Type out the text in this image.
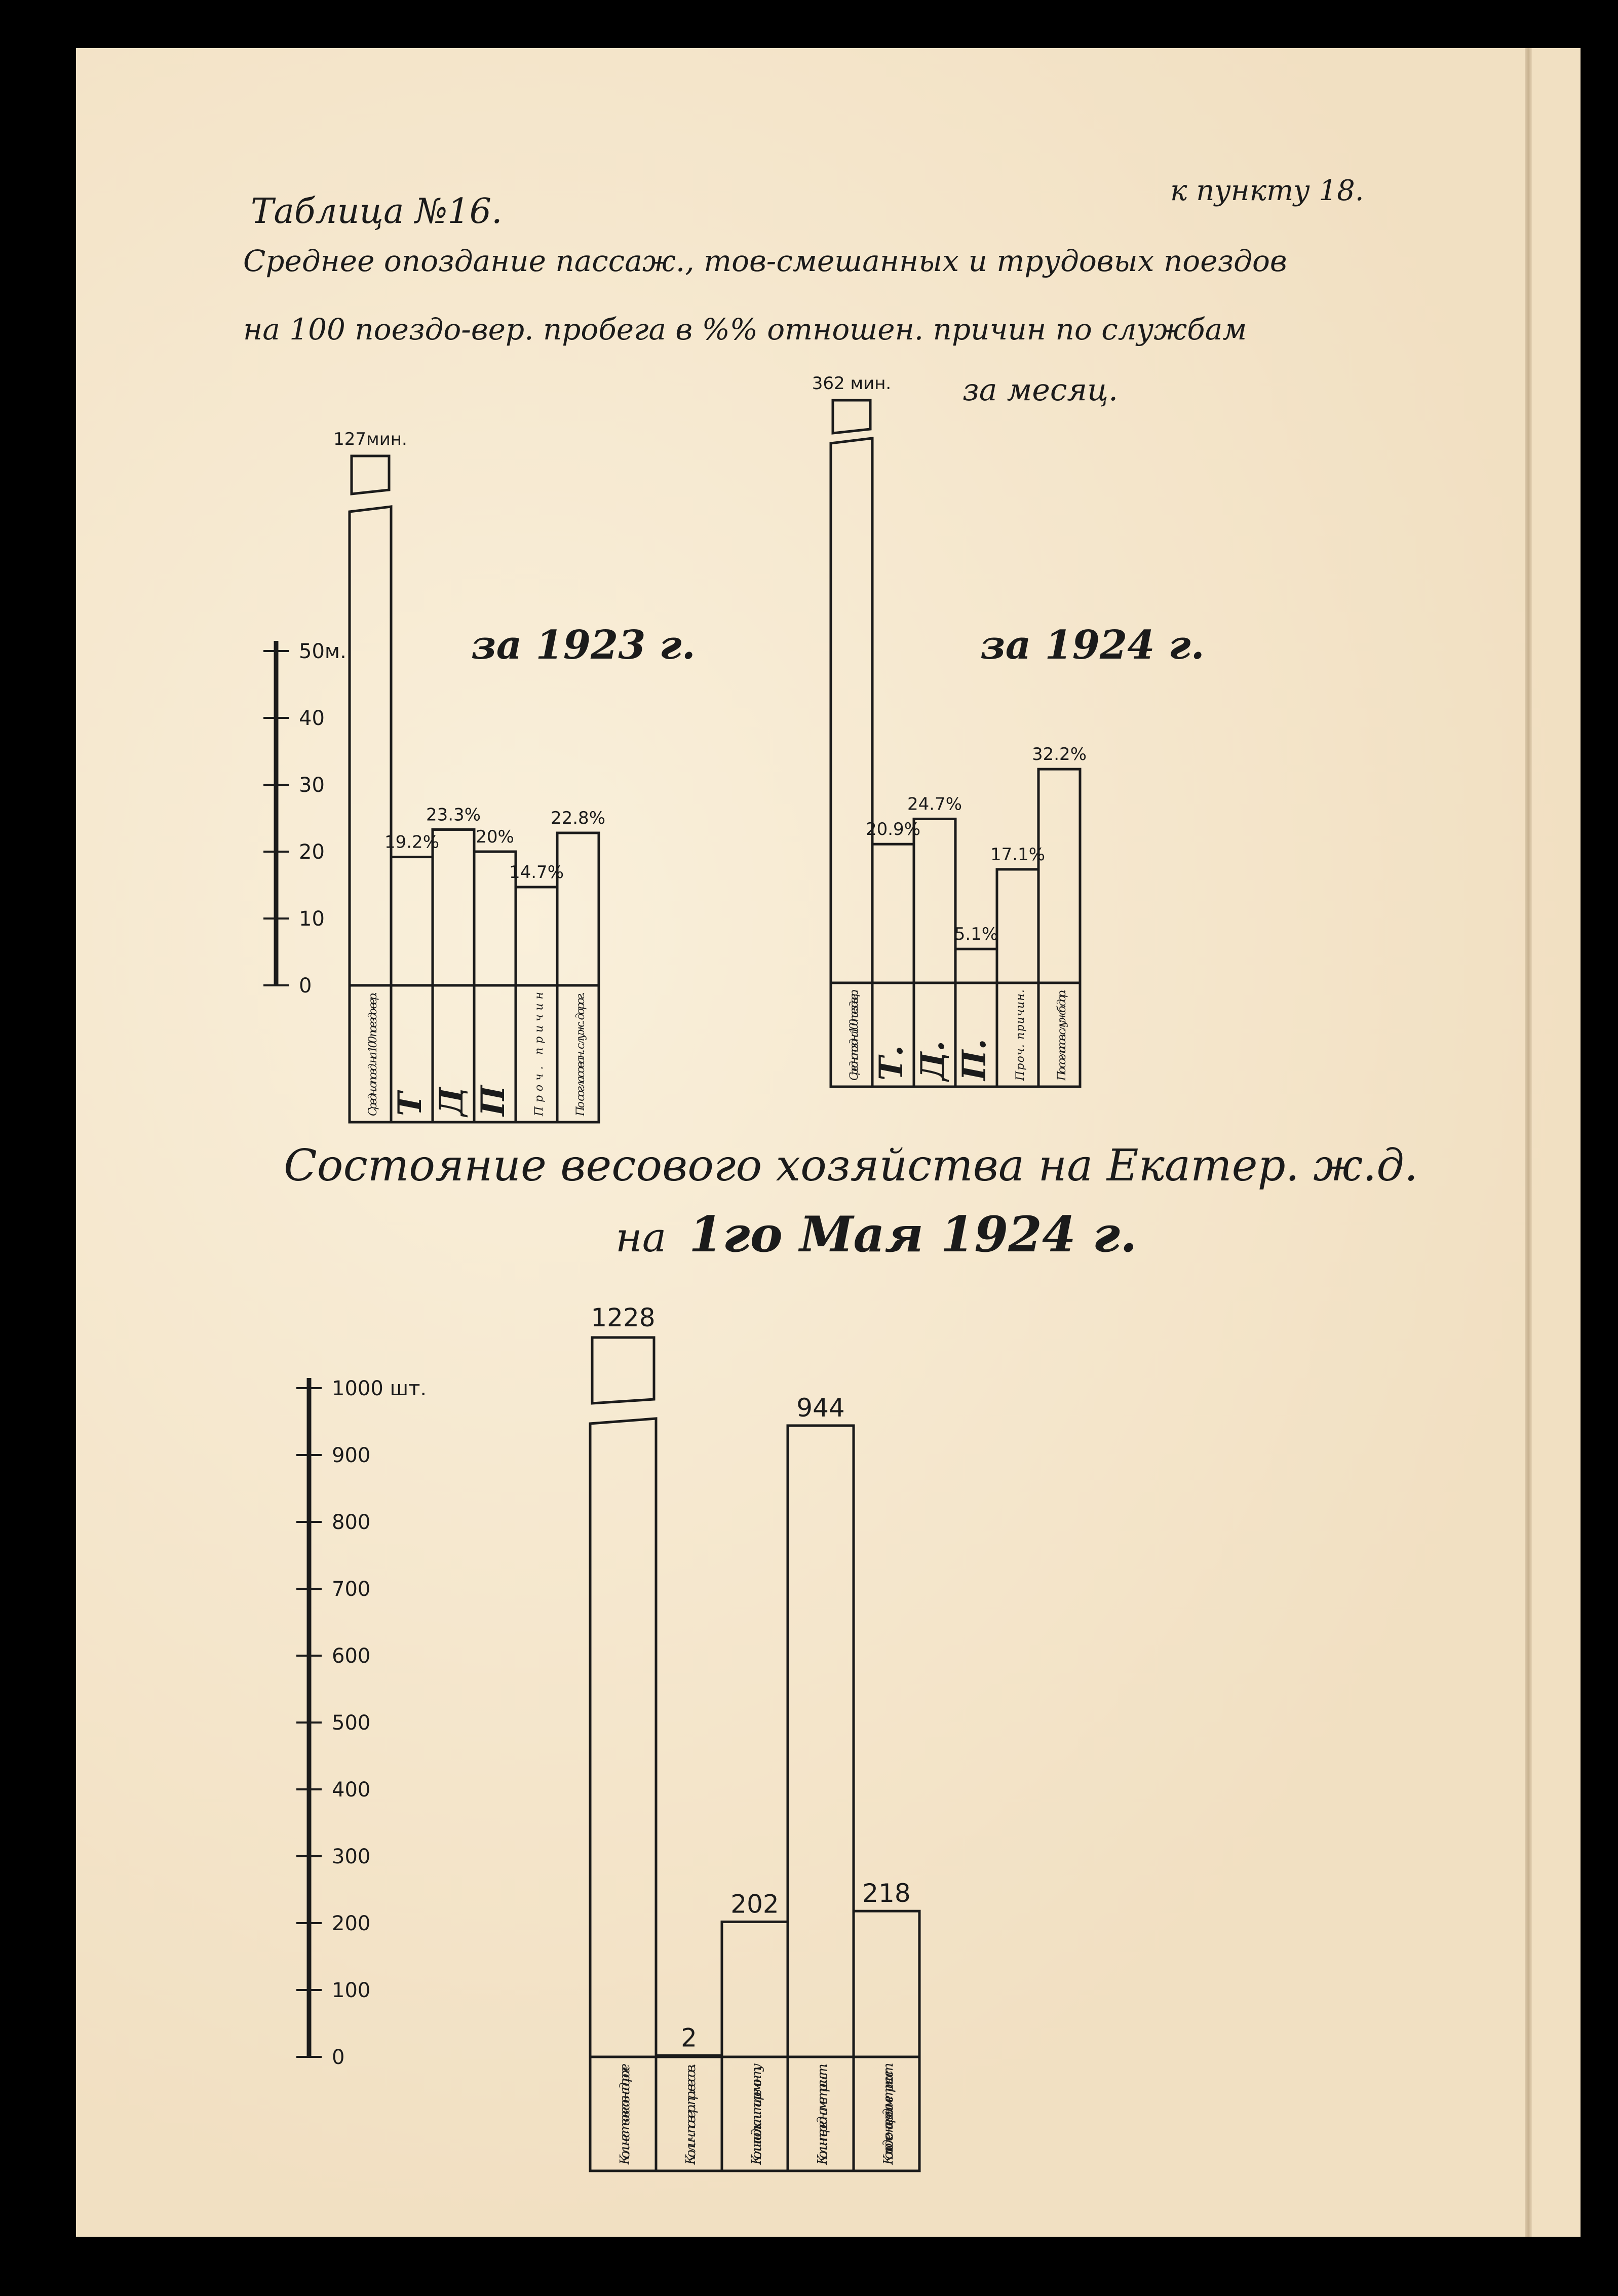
Таблица №16.
к пункту 18.
Среднее опоздание пассаж., тов-смешанных и трудовых поездов
на 100 поездо-вер. пробега в %% отношен. причин по службам
за месяц.
Состояние весового хозяйства на Екатер. ж.д.
на 1го Мая 1924 г.
за 1923 г.
0
10
20
30
40
50м.
127мин.
Средн. опозд. на 100 поездо-вер.
19.2%
Т
23.3%
Д
20%
П
14.7%
Проч. причин
22.8%
По согласован. служ. дорог.
за 1924 г.
362 мин.
Средн. опозд. на 100 поезд.-вер.
20.9%
Т.
24.7%
Д.
5.1%
П.
17.1%
Проч. причин.
32.2%
По согласов. служб. дор.
0
100
200
300
400
500
600
700
800
900
1000 шт.
1228
Количество весов на дороге
2
Колич. повер. пр. весов.
202
Колич. подл. капитал. ремонту
944
Колич. перед. на метр. сист.
218
Кол. подлеж. перед. на метрич. сист.
